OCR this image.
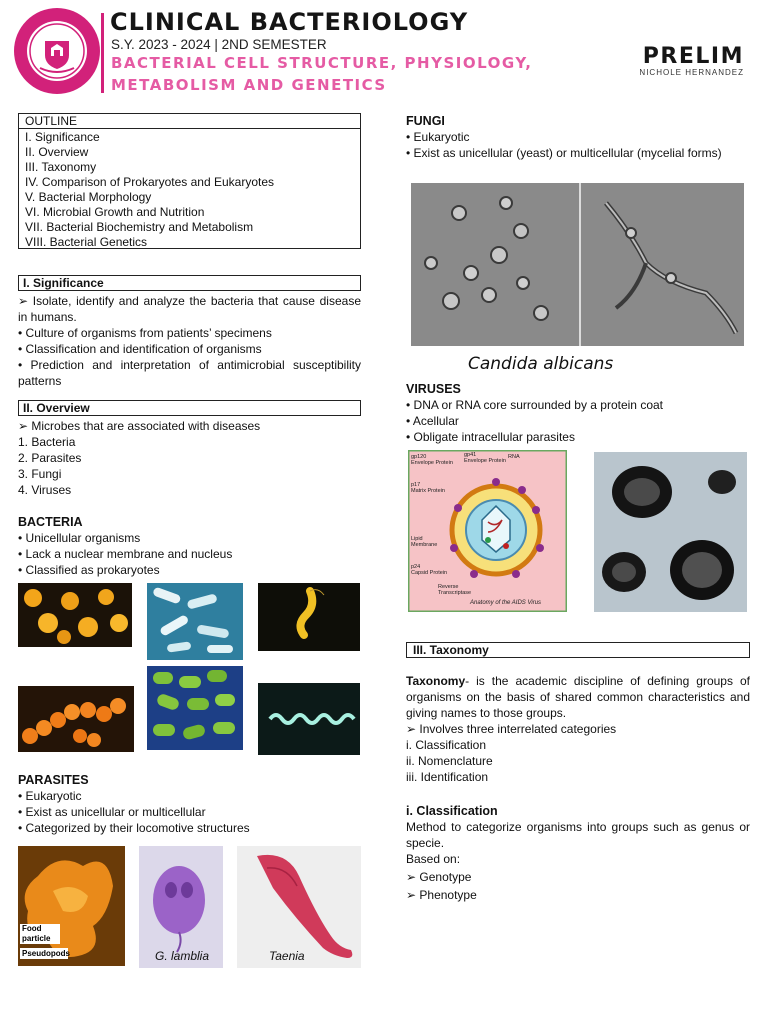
CLINICAL BACTERIOLOGY
S.Y. 2023 - 2024 | 2ND SEMESTER
BACTERIAL CELL STRUCTURE, PHYSIOLOGY,
METABOLISM AND GENETICS
PRELIM
NICHOLE HERNANDEZ
OUTLINE
I. Significance
II. Overview
III. Taxonomy
IV. Comparison of Prokaryotes and Eukaryotes
V. Bacterial Morphology
VI. Microbial Growth and Nutrition
VII. Bacterial Biochemistry and Metabolism
VIII. Bacterial Genetics
I. Significance
➢ Isolate, identify and analyze the bacteria that cause disease
in humans.
• Culture of organisms from patients’ specimens
• Classification and identification of organisms
• Prediction and interpretation of antimicrobial susceptibility
patterns
II. Overview
➢ Microbes that are associated with diseases
1. Bacteria
2. Parasites
3. Fungi
4. Viruses
BACTERIA
• Unicellular organisms
• Lack a nuclear membrane and nucleus
• Classified as prokaryotes
PARASITES
• Eukaryotic
• Exist as unicellular or multicellular
• Categorized by their locomotive structures
Food
particle
Pseudopods	G. lamblia	Taenia
FUNGI
• Eukaryotic
• Exist as unicellular (yeast) or multicellular (mycelial forms)
Candida albicans
VIRUSES
• DNA or RNA core surrounded by a protein coat
• Acellular
• Obligate intracellular parasites
gp120
Envelope Protein
gp41
Envelope Protein
RNA
p17
Matrix Protein
Lipid
Membrane
p24
Capsid Protein
Reverse
Transcriptase
Anatomy of the AIDS Virus
III. Taxonomy
Taxonomy- is the academic discipline of defining groups of
organisms on the basis of shared common characteristics and
giving names to those groups.
➢ Involves three interrelated categories
i. Classification
ii. Nomenclature
iii. Identification
i. Classification
Method to categorize organisms into groups such as genus or
specie.
Based on:
➢ Genotype
➢ Phenotype
